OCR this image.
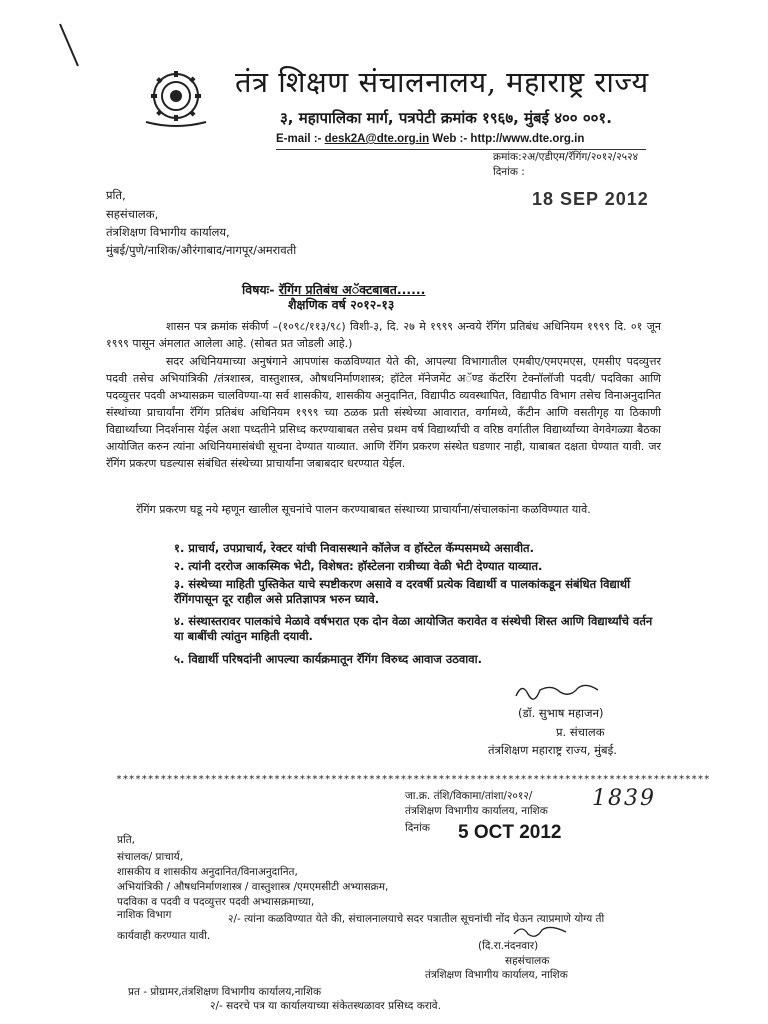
तंत्र शिक्षण संचालनालय, महाराष्ट्र राज्य
३, महापालिका मार्ग, पत्रपेटी क्रमांक १९६७, मुंबई ४०० ००१.
E-mail :- desk2A@dte.org.in Web :- http://www.dte.org.in
क्रमांक:२अ/एडीएम/रॅगिंग/२०१२/२५२४
दिनांक :
18 SEP 2012
प्रति,
सहसंचालक,
तंत्रशिक्षण विभागीय कार्यालय,
मुंबई/पुणे/नाशिक/औरंगाबाद/नागपूर/अमरावती
विषयः- रॅगिंग प्रतिबंध अॅक्टबाबत......
शैक्षणिक वर्ष २०१२-१३
शासन पत्र क्रमांक संकीर्ण –(१०९८/११३/९८) विशी-३, दि. २७ मे १९९९ अन्वये रॅगिंग प्रतिबंध अधिनियम १९९९ दि. ०१ जून १९९९ पासून अंमलात आलेला आहे. (सोबत प्रत जोडली आहे.)
सदर अधिनियमाच्या अनुषंगाने आपणांस कळविण्यात येते की, आपल्या विभागातील एमबीए/एमएमएस, एमसीए पदव्युत्तर पदवी तसेच अभियांत्रिकी /तंत्रशास्त्र, वास्तुशास्त्र, औषधनिर्माणशास्त्र; हॉटेल मॅनेजमेंट अॅण्ड कॅटरिंग टेक्नॉलॉजी पदवी/ पदविका आणि पदव्युत्तर पदवी अभ्यासक्रम चालविण्या-या सर्व शासकीय, शासकीय अनुदानित, विद्यापीठ व्यवस्थापित, विद्यापीठ विभाग तसेच विनाअनुदानित संस्थांच्या प्राचार्यांना रॅगिंग प्रतिबंध अधिनियम १९९९ च्या ठळक प्रती संस्थेच्या आवारात, वर्गामध्ये, कॅंटीन आणि वसतीगृह या ठिकाणी विद्यार्थ्यांच्या निदर्शनास येईल अशा पध्दतीने प्रसिध्द करण्याबाबत तसेच प्रथम वर्ष विद्यार्थ्यांची व वरिष्ठ वर्गातील विद्यार्थ्यांच्या वेगवेगळ्या बैठका आयोजित करुन त्यांना अधिनियमासंबंधी सूचना देण्यात याव्यात. आणि रॅगिंग प्रकरण संस्थेत घडणार नाही, याबाबत दक्षता घेण्यात यावी. जर रॅगिंग प्रकरण घडल्यास संबंधित संस्थेच्या प्राचार्यांना जबाबदार धरण्यात येईल.
रॅगिंग प्रकरण घडू नये म्हणून खालील सूचनांचे पालन करण्याबाबत संस्थाच्या प्राचार्यांना/संचालकांना कळविण्यात यावे.
१. प्राचार्य, उपप्राचार्य, रेक्टर यांची निवासस्थाने कॉलेज व हॉस्टेल कॅम्पसमध्ये असावीत.
२. त्यांनी दररोज आकस्मिक भेटी, विशेषत: हॉस्टेलना रात्रीच्या वेळी भेटी देण्यात याव्यात.
३. संस्थेच्या माहिती पुस्तिकेत याचे स्पष्टीकरण असावे व दरवर्षी प्रत्येक विद्यार्थी व पालकांकडून संबंधित विद्यार्थी रॅगिंगपासून दूर राहील असे प्रतिज्ञापत्र भरुन घ्यावे.
४. संस्थास्तरावर पालकांचे मेळावे वर्षभरात एक दोन वेळा आयोजित करावेत व संस्थेची शिस्त आणि विद्यार्थ्यांचे वर्तन या बाबींची त्यांतुन माहिती दयावी.
५. विद्यार्थी परिषदांनी आपल्या कार्यक्रमातून रॅगिंग विरुध्द आवाज उठवावा.
(डॉ. सुभाष महाजन)
प्र. संचालक
तंत्रशिक्षण महाराष्ट्र राज्य, मुंबई.
**********************************************************************************************
जा.क्र. तंशि/विकामा/तांशा/२०१२/	1839
तंत्रशिक्षण विभागीय कार्यालय, नाशिक
दिनांक 5 OCT 2012
प्रति,
संचालक/ प्राचार्य,
शासकीय व शासकीय अनुदानित/विनाअनुदानित,
अभियांत्रिकी / औषधनिर्माणशास्त्र / वास्तुशास्त्र /एमएमसीटी अभ्यासक्रम,
पदविका व पदवी व पदव्युत्तर पदवी अभ्यासक्रमाच्या,
नाशिक विभाग	२/- त्यांना कळविण्यात येते की, संचालनालयाचे सदर पत्रातील सूचनांची नोंद घेऊन त्याप्रमाणे योग्य ती
कार्यवाही करण्यात यावी.
(दि.रा.नंदनवार)
सहसंचालक
तंत्रशिक्षण विभागीय कार्यालय, नाशिक
प्रत - प्रोग्रामर,तंत्रशिक्षण विभागीय कार्यालय,नाशिक
२/- सदरचे पत्र या कार्यालयाच्या संकेतस्थळावर प्रसिध्द करावे.
